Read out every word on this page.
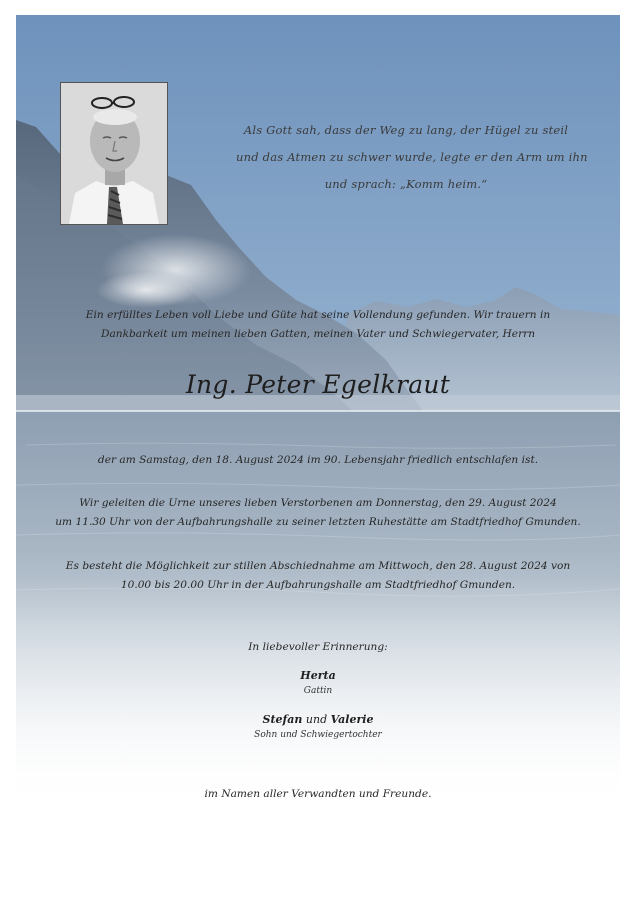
Als Gott sah, dass der Weg zu lang, der Hügel zu steil
und das Atmen zu schwer wurde, legte er den Arm um ihn
und sprach: „Komm heim.“
Ein erfülltes Leben voll Liebe und Güte hat seine Vollendung gefunden. Wir trauern in
Dankbarkeit um meinen lieben Gatten, meinen Vater und Schwiegervater, Herrn
Ing. Peter Egelkraut
der am Samstag, den 18. August 2024 im 90. Lebensjahr friedlich entschlafen ist.
Wir geleiten die Urne unseres lieben Verstorbenen am Donnerstag, den 29. August 2024
um 11.30 Uhr von der Aufbahrungshalle zu seiner letzten Ruhestätte am Stadtfriedhof Gmunden.
Es besteht die Möglichkeit zur stillen Abschiednahme am Mittwoch, den 28. August 2024 von
10.00 bis 20.00 Uhr in der Aufbahrungshalle am Stadtfriedhof Gmunden.
In liebevoller Erinnerung:
Herta
Gattin
Stefan und Valerie
Sohn und Schwiegertochter
im Namen aller Verwandten und Freunde.
